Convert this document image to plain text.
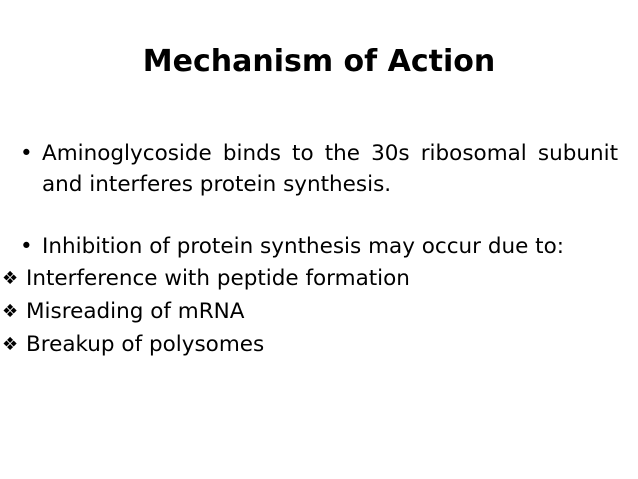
Mechanism of Action
• Aminoglycoside binds to the 30s ribosomal subunit and interferes protein synthesis.
• Inhibition of protein synthesis may occur due to:
❖ Interference with peptide formation
❖ Misreading of mRNA
❖ Breakup of polysomes
